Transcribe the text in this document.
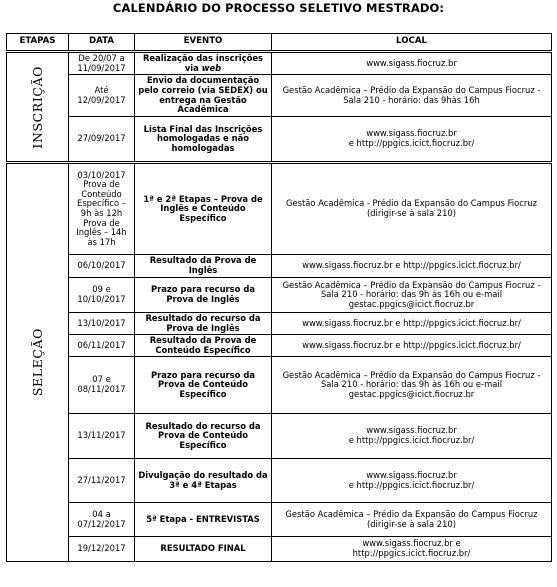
CALENDÁRIO DO PROCESSO SELETIVO MESTRADO:
ETAPAS	DATA	EVENTO	LOCAL

INSCRIÇÃO	De 20/07 a 11/09/2017	Realização das inscrições via web	www.sigass.fiocruz.br
	Até 12/09/2017	Envio da documentação pelo correio (via SEDEX) ou entrega na Gestão Acadêmica	Gestão Acadêmica – Prédio da Expansão do Campus Fiocruz - Sala 210 - horário: das 9hàs 16h
	27/09/2017	Lista Final das Inscrições homologadas e não homologadas	www.sigass.fiocruz.br
e http://ppgics.icict.fiocruz.br/

SELEÇÃO	03/10/2017 Prova de Conteúdo Específico – 9h às 12h Prova de Inglês – 14h às 17h	1ª e 2ª Etapas – Prova de Inglês e Conteúdo Específico	Gestão Acadêmica - Prédio da Expansão do Campus Fiocruz
(dirigir-se à sala 210)

	06/10/2017	Resultado da Prova de Inglês	www.sigass.fiocruz.br e http://ppgics.icict.fiocruz.br/
	09 e 10/10/2017	Prazo para recurso da Prova de Inglês	Gestão Acadêmica – Prédio da Expansão do Campus Fiocruz - Sala 210 - horário: das 9h às 16h ou e-mail
gestac.ppgics@icict.fiocruz.br

	13/10/2017	Resultado do recurso da Prova de Inglês	www.sigass.fiocruz.br e http://ppgics.icict.fiocruz.br/
	06/11/2017	Resultado da Prova de Conteúdo Específico	www.sigass.fiocruz.br e http://ppgics.icict.fiocruz.br/
	07 e 08/11/2017	Prazo para recurso da Prova de Conteúdo Específico	Gestão Acadêmica – Prédio da Expansão do Campus Fiocruz - Sala 210 - horário: das 9h às 16h ou e-mail
gestac.ppgics@icict.fiocruz.br

	13/11/2017	Resultado do recurso da Prova de Conteúdo Específico	www.sigass.fiocruz.br
e http://ppgics.icict.fiocruz.br/

	27/11/2017	Divulgação do resultado da 3ª e 4ª Etapas	www.sigass.fiocruz.br
e http://ppgics.icict.fiocruz.br/

	04 a 07/12/2017	5ª Etapa - ENTREVISTAS	Gestão Acadêmica – Prédio da Expansão do Campus Fiocruz
(dirigir-se à sala 210)

	19/12/2017	RESULTADO FINAL	www.sigass.fiocruz.br e
http://ppgics.icict.fiocruz.br/
